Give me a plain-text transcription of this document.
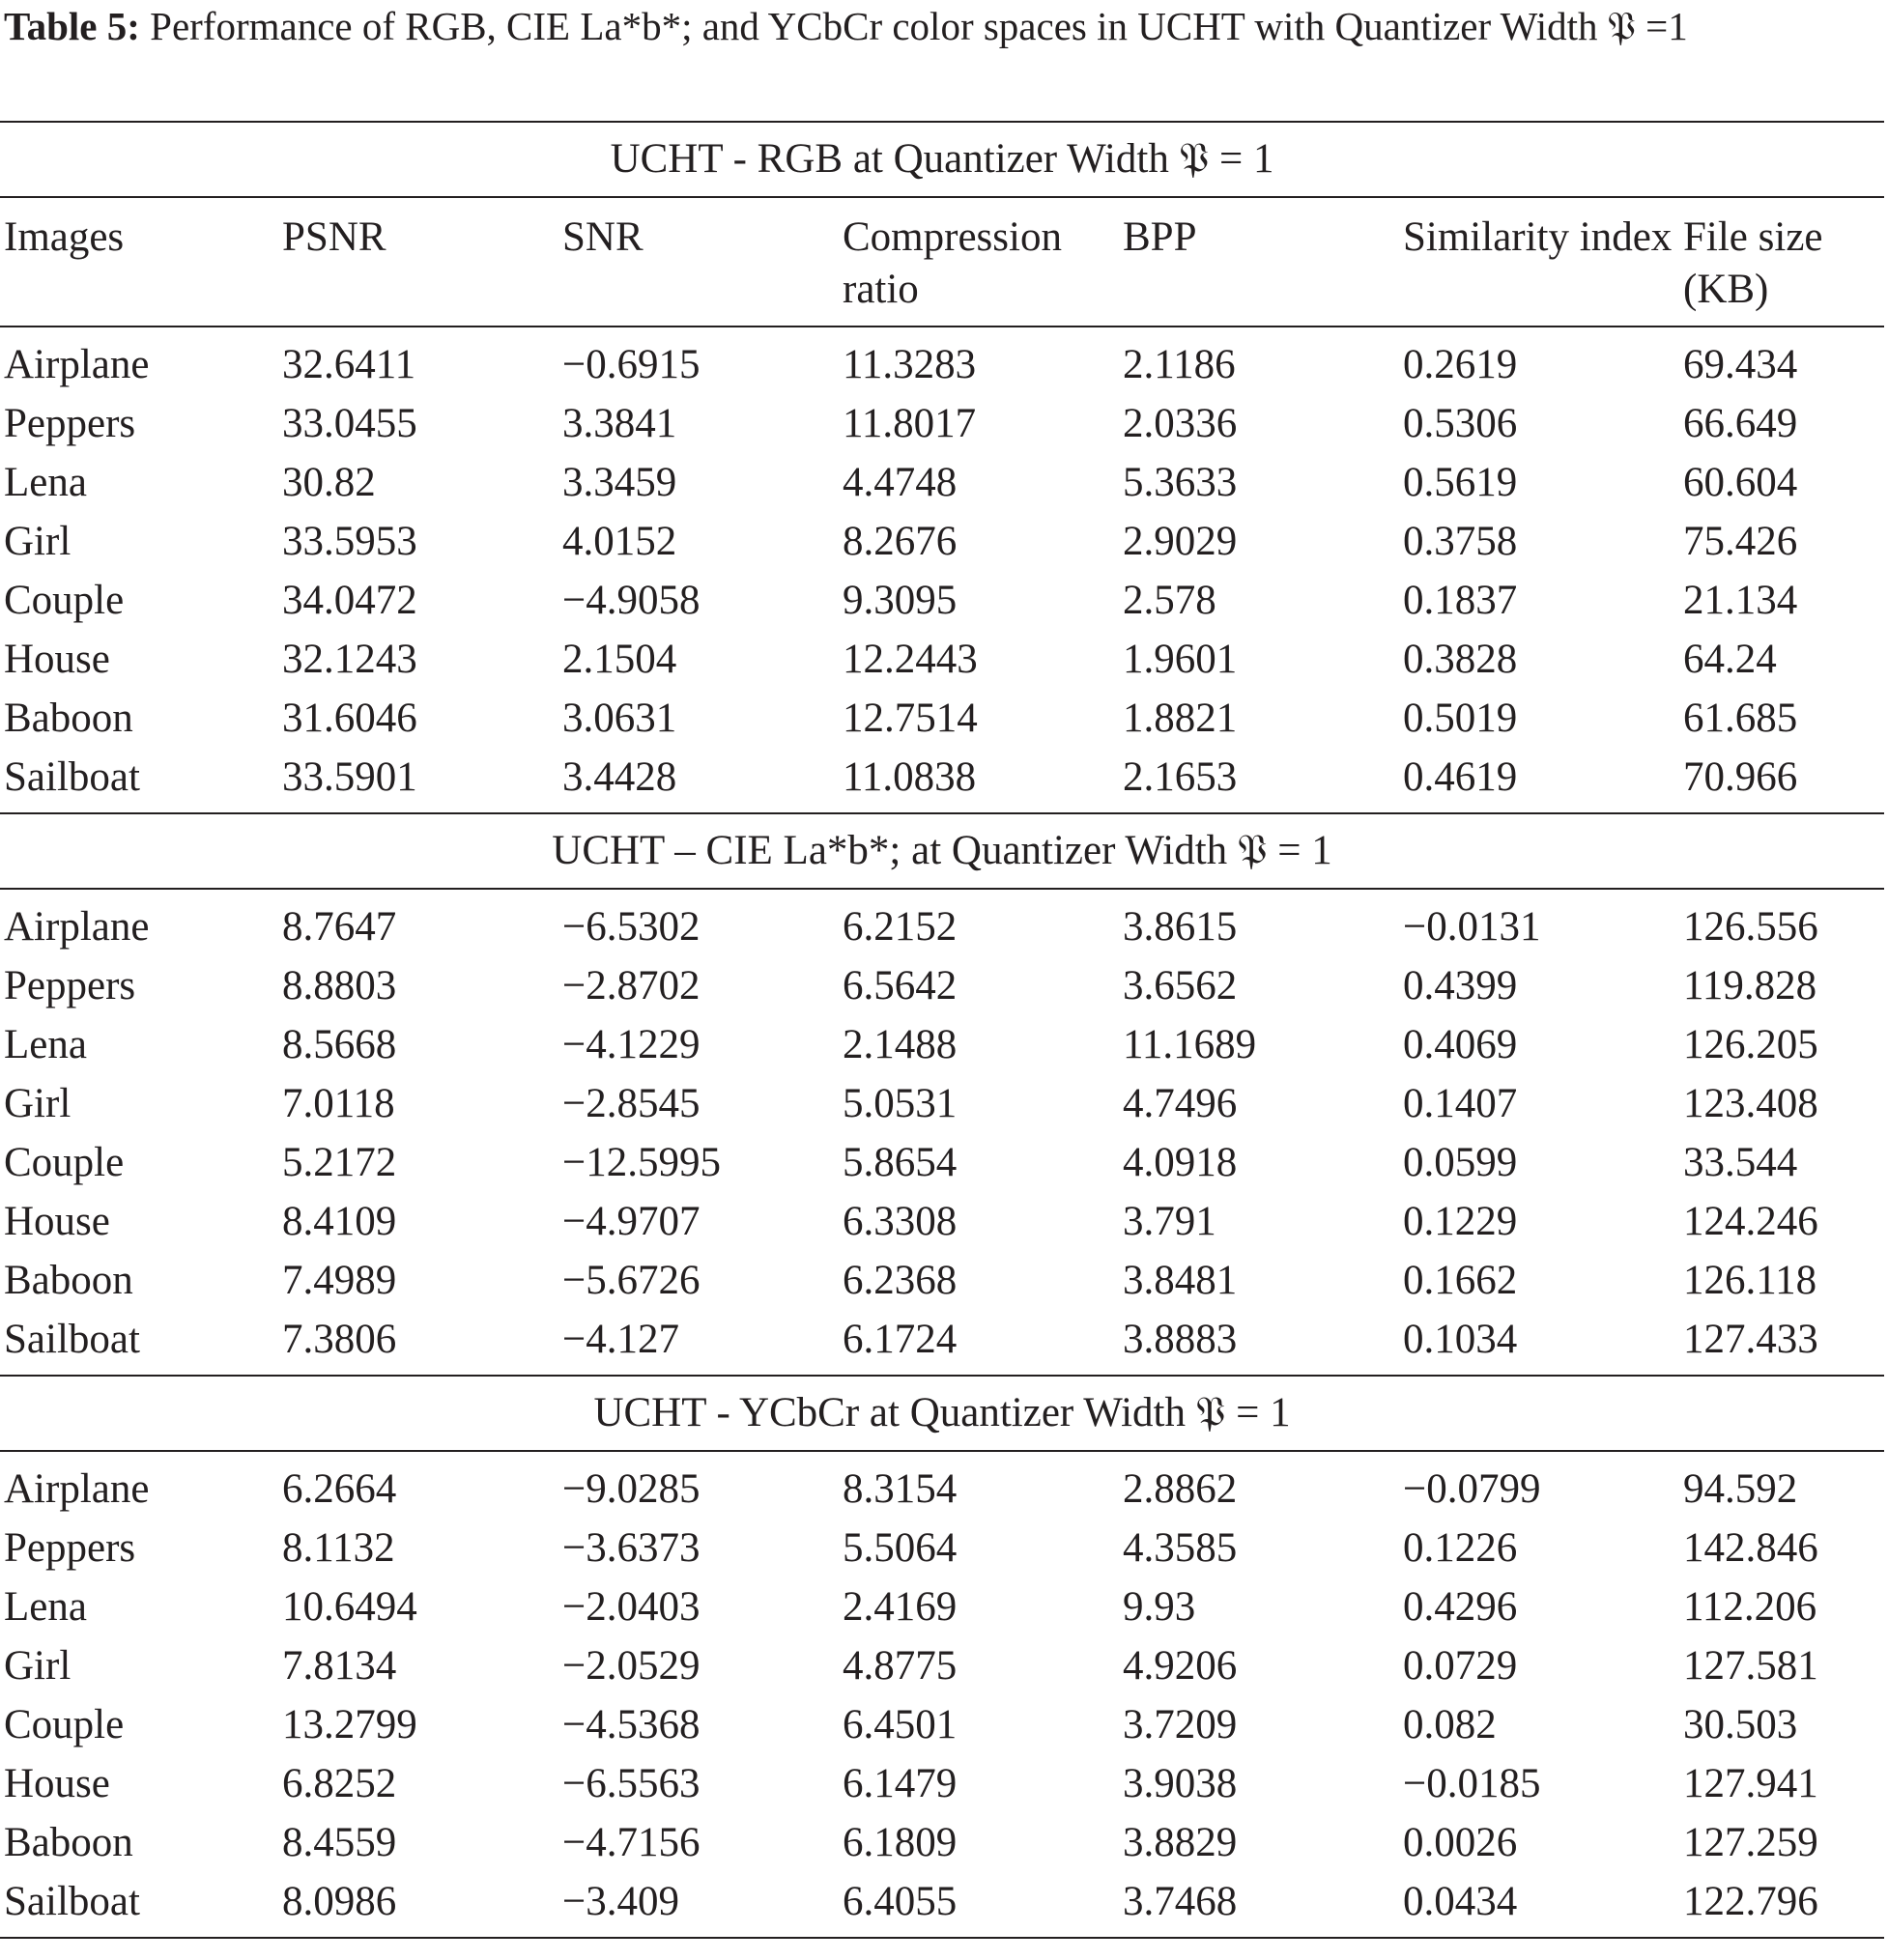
Table 5: Performance of RGB, CIE La*b*; and YCbCr color spaces in UCHT with Quantizer Width 𝔓 =1
UCHT - RGB at Quantizer Width 𝔓 = 1						

Images	PSNR	SNR	Compression ratio	BPP	Similarity index	File size (KB)

Airplane	32.6411	−0.6915	11.3283	2.1186	0.2619	69.434
Peppers	33.0455	3.3841	11.8017	2.0336	0.5306	66.649
Lena	30.82	3.3459	4.4748	5.3633	0.5619	60.604
Girl	33.5953	4.0152	8.2676	2.9029	0.3758	75.426
Couple	34.0472	−4.9058	9.3095	2.578	0.1837	21.134
House	32.1243	2.1504	12.2443	1.9601	0.3828	64.24
Baboon	31.6046	3.0631	12.7514	1.8821	0.5019	61.685
Sailboat	33.5901	3.4428	11.0838	2.1653	0.4619	70.966
UCHT – CIE La*b*; at Quantizer Width 𝔓 = 1						
Airplane	8.7647	−6.5302	6.2152	3.8615	−0.0131	126.556
Peppers	8.8803	−2.8702	6.5642	3.6562	0.4399	119.828
Lena	8.5668	−4.1229	2.1488	11.1689	0.4069	126.205
Girl	7.0118	−2.8545	5.0531	4.7496	0.1407	123.408
Couple	5.2172	−12.5995	5.8654	4.0918	0.0599	33.544
House	8.4109	−4.9707	6.3308	3.791	0.1229	124.246
Baboon	7.4989	−5.6726	6.2368	3.8481	0.1662	126.118
Sailboat	7.3806	−4.127	6.1724	3.8883	0.1034	127.433
UCHT - YCbCr at Quantizer Width 𝔓 = 1						
Airplane	6.2664	−9.0285	8.3154	2.8862	−0.0799	94.592
Peppers	8.1132	−3.6373	5.5064	4.3585	0.1226	142.846
Lena	10.6494	−2.0403	2.4169	9.93	0.4296	112.206
Girl	7.8134	−2.0529	4.8775	4.9206	0.0729	127.581
Couple	13.2799	−4.5368	6.4501	3.7209	0.082	30.503
House	6.8252	−6.5563	6.1479	3.9038	−0.0185	127.941
Baboon	8.4559	−4.7156	6.1809	3.8829	0.0026	127.259
Sailboat	8.0986	−3.409	6.4055	3.7468	0.0434	122.796
